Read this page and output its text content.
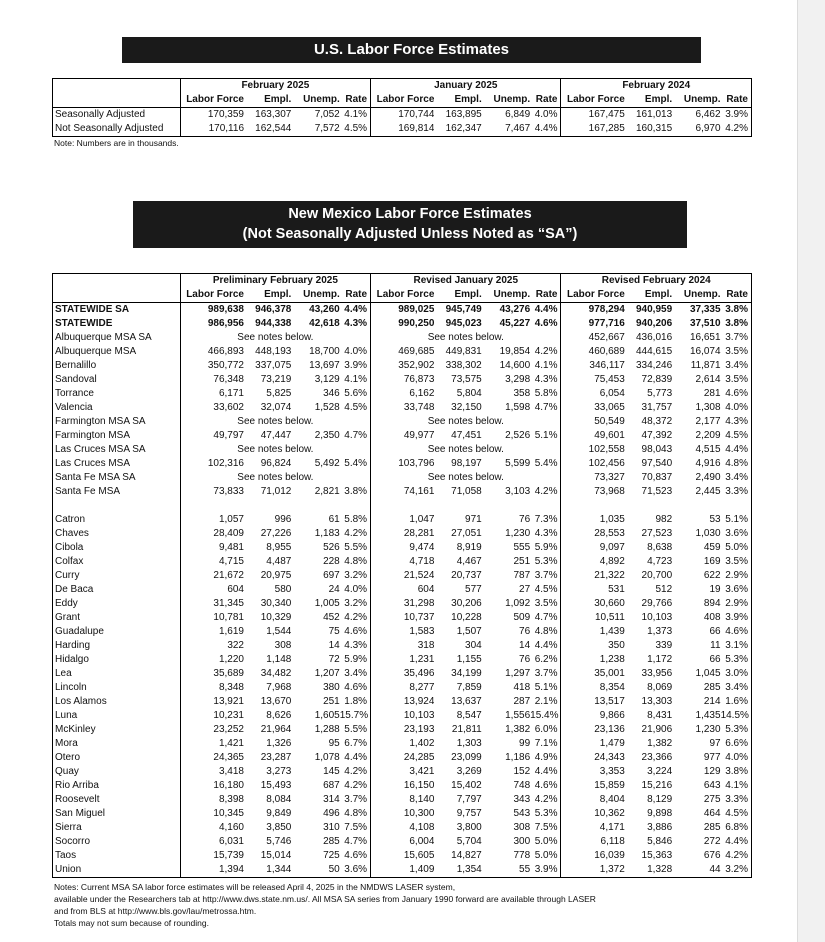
U.S. Labor Force Estimates
	February 2025				January 2025				February 2024			
	Labor Force	Empl.	Unemp.	Rate	Labor Force	Empl.	Unemp.	Rate	Labor Force	Empl.	Unemp.	Rate
Seasonally Adjusted	170,359	163,307	7,052	4.1%	170,744	163,895	6,849	4.0%	167,475	161,013	6,462	3.9%
Not Seasonally Adjusted	170,116	162,544	7,572	4.5%	169,814	162,347	7,467	4.4%	167,285	160,315	6,970	4.2%
Note: Numbers are in thousands.
New Mexico Labor Force Estimates
(Not Seasonally Adjusted Unless Noted as “SA”)
	Preliminary February 2025				Revised January 2025				Revised February 2024			
	Labor Force	Empl.	Unemp.	Rate	Labor Force	Empl.	Unemp.	Rate	Labor Force	Empl.	Unemp.	Rate
STATEWIDE SA	989,638	946,378	43,260	4.4%	989,025	945,749	43,276	4.4%	978,294	940,959	37,335	3.8%
STATEWIDE	986,956	944,338	42,618	4.3%	990,250	945,023	45,227	4.6%	977,716	940,206	37,510	3.8%
Albuquerque MSA SA	See notes below.				See notes below.				452,667	436,016	16,651	3.7%
Albuquerque MSA	466,893	448,193	18,700	4.0%	469,685	449,831	19,854	4.2%	460,689	444,615	16,074	3.5%
Bernalillo	350,772	337,075	13,697	3.9%	352,902	338,302	14,600	4.1%	346,117	334,246	11,871	3.4%
Sandoval	76,348	73,219	3,129	4.1%	76,873	73,575	3,298	4.3%	75,453	72,839	2,614	3.5%
Torrance	6,171	5,825	346	5.6%	6,162	5,804	358	5.8%	6,054	5,773	281	4.6%
Valencia	33,602	32,074	1,528	4.5%	33,748	32,150	1,598	4.7%	33,065	31,757	1,308	4.0%
Farmington MSA SA	See notes below.				See notes below.				50,549	48,372	2,177	4.3%
Farmington MSA	49,797	47,447	2,350	4.7%	49,977	47,451	2,526	5.1%	49,601	47,392	2,209	4.5%
Las Cruces MSA SA	See notes below.				See notes below.				102,558	98,043	4,515	4.4%
Las Cruces MSA	102,316	96,824	5,492	5.4%	103,796	98,197	5,599	5.4%	102,456	97,540	4,916	4.8%
Santa Fe MSA SA	See notes below.				See notes below.				73,327	70,837	2,490	3.4%
Santa Fe MSA	73,833	71,012	2,821	3.8%	74,161	71,058	3,103	4.2%	73,968	71,523	2,445	3.3%

Catron	1,057	996	61	5.8%	1,047	971	76	7.3%	1,035	982	53	5.1%
Chaves	28,409	27,226	1,183	4.2%	28,281	27,051	1,230	4.3%	28,553	27,523	1,030	3.6%
Cibola	9,481	8,955	526	5.5%	9,474	8,919	555	5.9%	9,097	8,638	459	5.0%
Colfax	4,715	4,487	228	4.8%	4,718	4,467	251	5.3%	4,892	4,723	169	3.5%
Curry	21,672	20,975	697	3.2%	21,524	20,737	787	3.7%	21,322	20,700	622	2.9%
De Baca	604	580	24	4.0%	604	577	27	4.5%	531	512	19	3.6%
Eddy	31,345	30,340	1,005	3.2%	31,298	30,206	1,092	3.5%	30,660	29,766	894	2.9%
Grant	10,781	10,329	452	4.2%	10,737	10,228	509	4.7%	10,511	10,103	408	3.9%
Guadalupe	1,619	1,544	75	4.6%	1,583	1,507	76	4.8%	1,439	1,373	66	4.6%
Harding	322	308	14	4.3%	318	304	14	4.4%	350	339	11	3.1%
Hidalgo	1,220	1,148	72	5.9%	1,231	1,155	76	6.2%	1,238	1,172	66	5.3%
Lea	35,689	34,482	1,207	3.4%	35,496	34,199	1,297	3.7%	35,001	33,956	1,045	3.0%
Lincoln	8,348	7,968	380	4.6%	8,277	7,859	418	5.1%	8,354	8,069	285	3.4%
Los Alamos	13,921	13,670	251	1.8%	13,924	13,637	287	2.1%	13,517	13,303	214	1.6%
Luna	10,231	8,626	1,605	15.7%	10,103	8,547	1,556	15.4%	9,866	8,431	1,435	14.5%
McKinley	23,252	21,964	1,288	5.5%	23,193	21,811	1,382	6.0%	23,136	21,906	1,230	5.3%
Mora	1,421	1,326	95	6.7%	1,402	1,303	99	7.1%	1,479	1,382	97	6.6%
Otero	24,365	23,287	1,078	4.4%	24,285	23,099	1,186	4.9%	24,343	23,366	977	4.0%
Quay	3,418	3,273	145	4.2%	3,421	3,269	152	4.4%	3,353	3,224	129	3.8%
Rio Arriba	16,180	15,493	687	4.2%	16,150	15,402	748	4.6%	15,859	15,216	643	4.1%
Roosevelt	8,398	8,084	314	3.7%	8,140	7,797	343	4.2%	8,404	8,129	275	3.3%
San Miguel	10,345	9,849	496	4.8%	10,300	9,757	543	5.3%	10,362	9,898	464	4.5%
Sierra	4,160	3,850	310	7.5%	4,108	3,800	308	7.5%	4,171	3,886	285	6.8%
Socorro	6,031	5,746	285	4.7%	6,004	5,704	300	5.0%	6,118	5,846	272	4.4%
Taos	15,739	15,014	725	4.6%	15,605	14,827	778	5.0%	16,039	15,363	676	4.2%
Union	1,394	1,344	50	3.6%	1,409	1,354	55	3.9%	1,372	1,328	44	3.2%
Notes: Current MSA SA labor force estimates will be released April 4, 2025 in the NMDWS LASER system,
available under the Researchers tab at http://www.dws.state.nm.us/. All MSA SA series from January 1990 forward are available through LASER
and from BLS at http://www.bls.gov/lau/metrossa.htm.
Totals may not sum because of rounding.
